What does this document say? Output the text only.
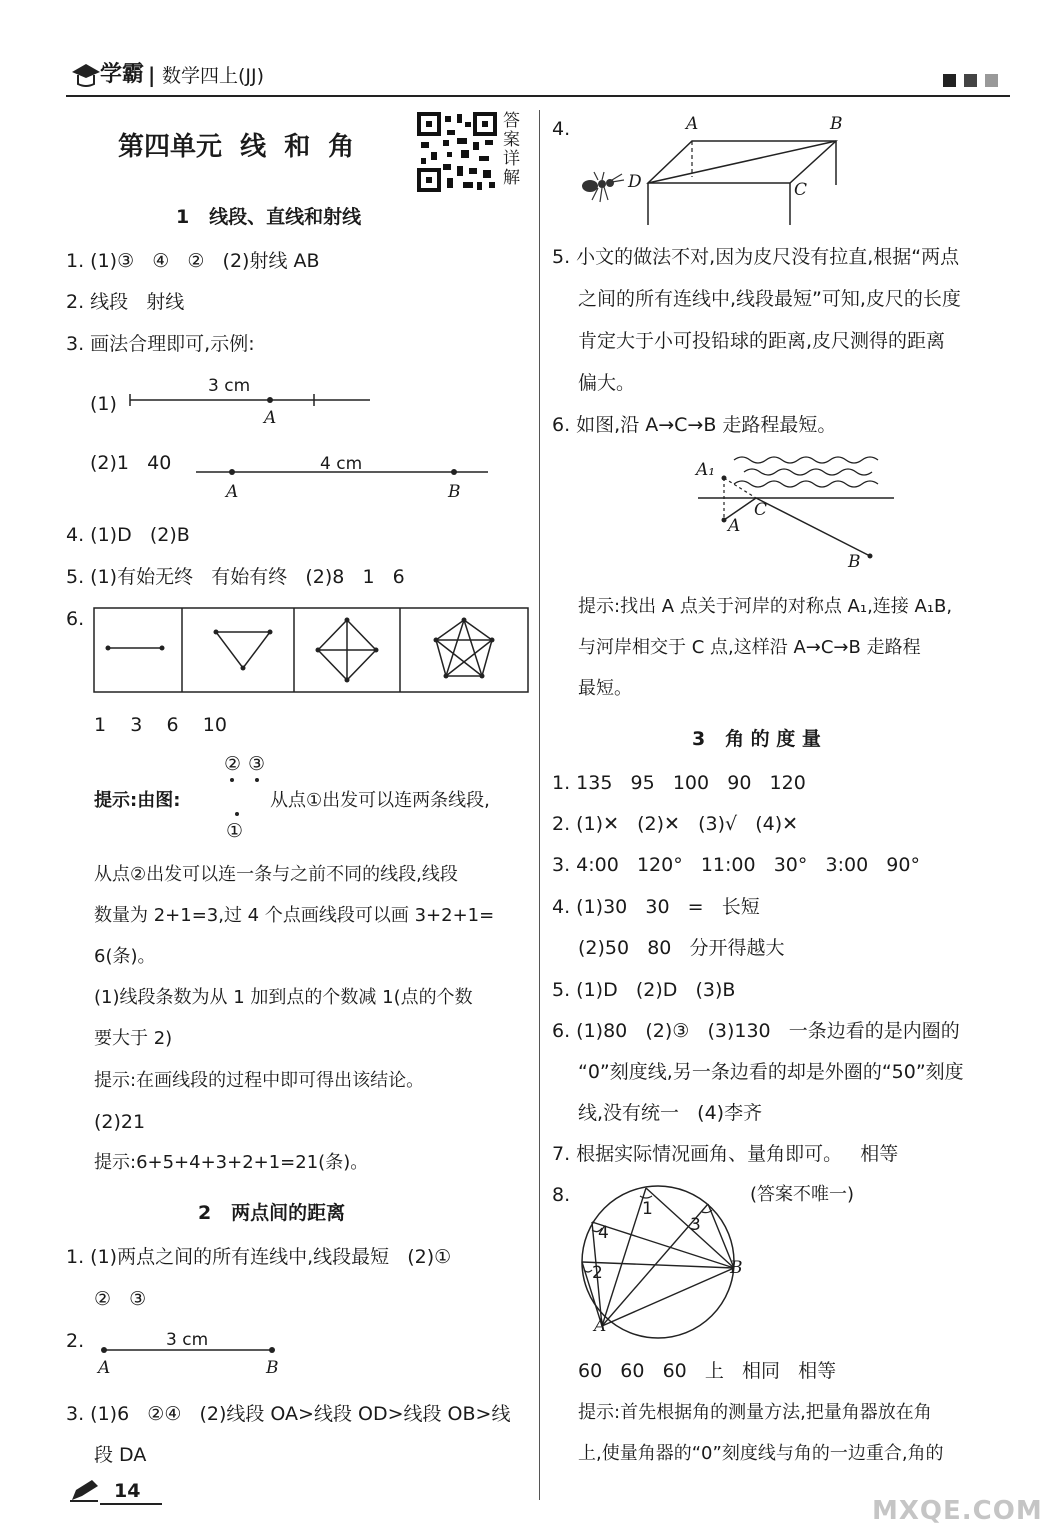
学霸 | 数学四上(JJ)

第四单元  线  和  角
答案详解
1   线段、直线和射线
1. (1)③   ④   ②   (2)射线 AB
2. 线段   射线
3. 画法合理即可,示例:
(1)
3 cm
A
(2)1   40	4 cm
A	B
4. (1)D   (2)B
5. (1)有始无终   有始有终   (2)8   1   6
6.
1    3    6    10
提示:由图:
② ③
①
从点①出发可以连两条线段,
从点②出发可以连一条与之前不同的线段,线段
数量为 2+1=3,过 4 个点画线段可以画 3+2+1=
6(条)。
(1)线段条数为从 1 加到点的个数减 1(点的个数
要大于 2)
提示:在画线段的过程中即可得出该结论。
(2)21
提示:6+5+4+3+2+1=21(条)。
2   两点间的距离
1. (1)两点之间的所有连线中,线段最短   (2)①
②   ③
2.	3 cm
A	B
3. (1)6   ②④   (2)线段 OA>线段 OD>线段 OB>线
段 DA
14
4.	A	B
C
D
5. 小文的做法不对,因为皮尺没有拉直,根据“两点
之间的所有连线中,线段最短”可知,皮尺的长度
肯定大于小可投铅球的距离,皮尺测得的距离
偏大。
6. 如图,沿 A→C→B 走路程最短。
A₁
A
C
B
提示:找出 A 点关于河岸的对称点 A₁,连接 A₁B,
与河岸相交于 C 点,这样沿 A→C→B 走路程
最短。
3   角 的 度 量
1. 135   95   100   90   120
2. (1)✕   (2)✕   (3)√   (4)✕
3. 4:00   120°   11:00   30°   3:00   90°
4. (1)30   30   =   长短
(2)50   80   分开得越大
5. (1)D   (2)D   (3)B
6. (1)80   (2)③   (3)130   一条边看的是内圈的
“0”刻度线,另一条边看的却是外圈的“50”刻度
线,没有统一   (4)李齐
7. 根据实际情况画角、量角即可。   相等
8.	(答案不唯一)
1
2
3
4
A
B
60   60   60   上   相同   相等
提示:首先根据角的测量方法,把量角器放在角
上,使量角器的“0”刻度线与角的一边重合,角的
MXQE.COM
